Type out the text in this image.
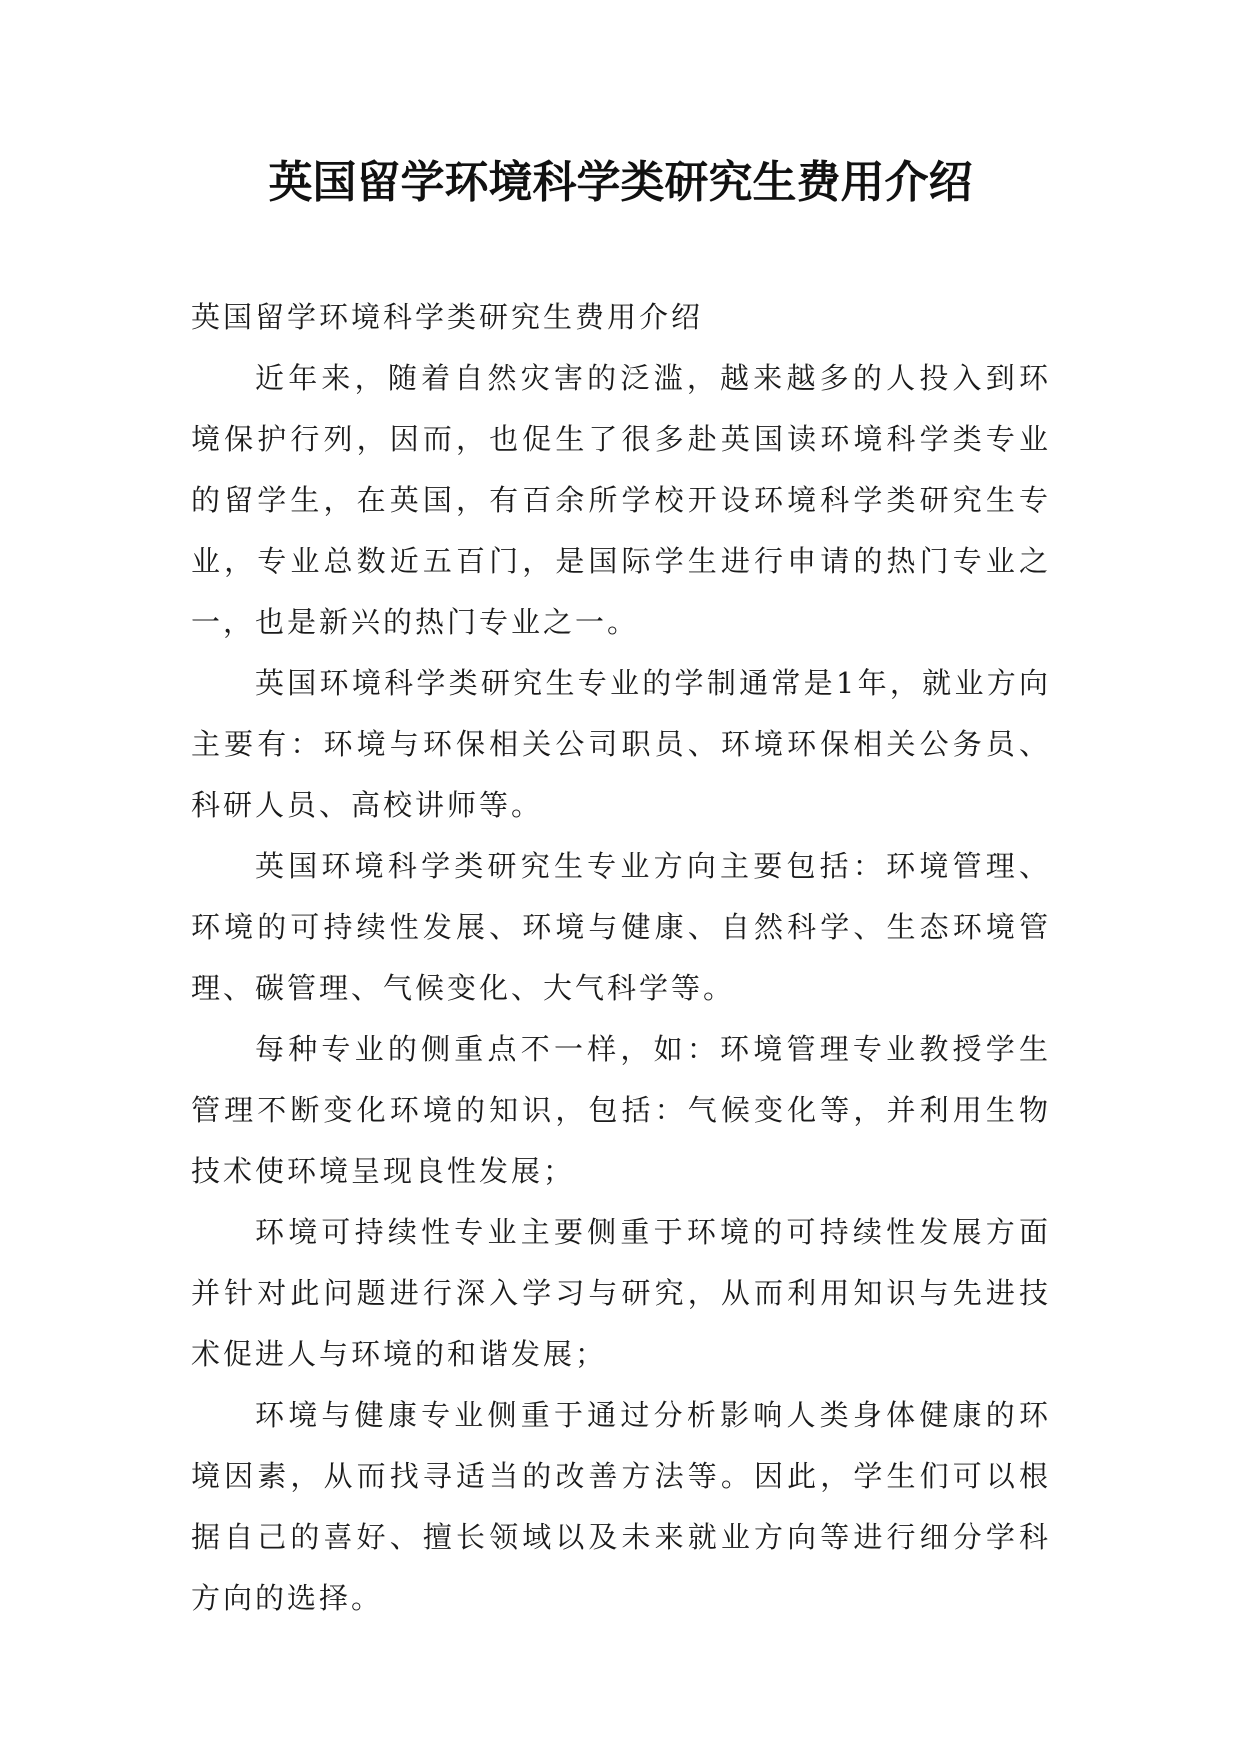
英国留学环境科学类研究生费用介绍

英国留学环境科学类研究生费用介绍

近年来，随着自然灾害的泛滥，越来越多的人投入到环境保护行列，因而，也促生了很多赴英国读环境科学类专业的留学生，在英国，有百余所学校开设环境科学类研究生专业，专业总数近五百门，是国际学生进行申请的热门专业之一，也是新兴的热门专业之一。

英国环境科学类研究生专业的学制通常是1年，就业方向主要有：环境与环保相关公司职员、环境环保相关公务员、科研人员、高校讲师等。

英国环境科学类研究生专业方向主要包括：环境管理、环境的可持续性发展、环境与健康、自然科学、生态环境管理、碳管理、气候变化、大气科学等。

每种专业的侧重点不一样，如：环境管理专业教授学生管理不断变化环境的知识，包括：气候变化等，并利用生物技术使环境呈现良性发展；

环境可持续性专业主要侧重于环境的可持续性发展方面并针对此问题进行深入学习与研究，从而利用知识与先进技术促进人与环境的和谐发展；

环境与健康专业侧重于通过分析影响人类身体健康的环境因素，从而找寻适当的改善方法等。因此，学生们可以根据自己的喜好、擅长领域以及未来就业方向等进行细分学科方向的选择。
